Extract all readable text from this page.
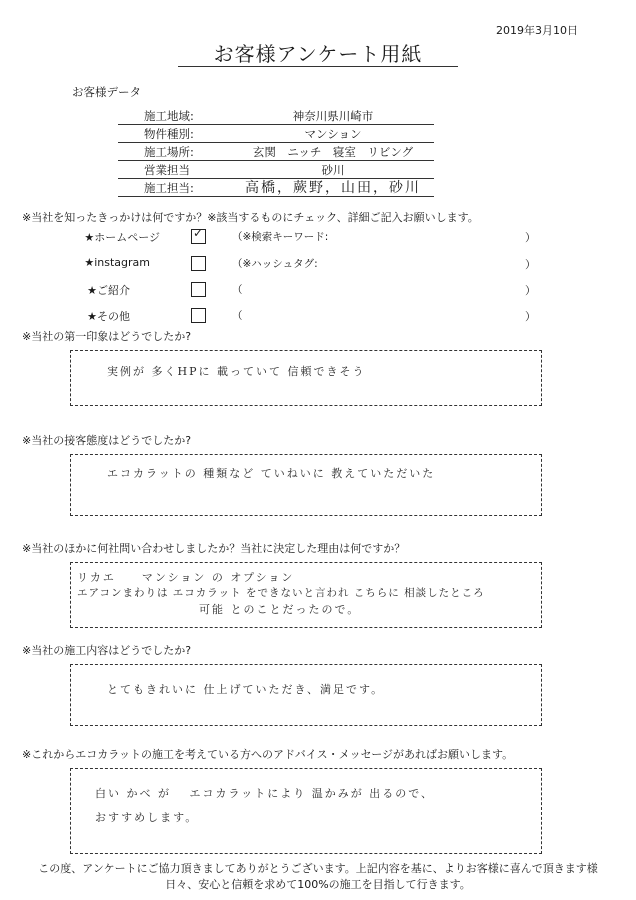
2019年3月10日
お客様アンケート用紙
お客様データ
施工地域:	神奈川県川崎市
物件種別:	マンション
施工場所:	玄関　ニッチ　寝室　リビング
営業担当	砂川
施工担当:	高橋，蕨野，山田，砂川
※当社を知ったきっかけは何ですか？※該当するものにチェック、詳細ご記入お願いします。
★ホームページ	✓	（※検索キーワード:	）
★instagram	（※ハッシュタグ:	）
★ご紹介	（	）
★その他	（	）
※当社の第一印象はどうでしたか?
実例が 多くHPに 載っていて 信頼できそう
※当社の接客態度はどうでしたか?
エコカラットの 種類など ていねいに 教えていただいた
※当社のほかに何社問い合わせしましたか？当社に決定した理由は何ですか？
リカエ　　マンション の オプション
エアコンまわりは エコカラット をできないと言われ こちらに 相談したところ
可能 とのことだったので。
※当社の施工内容はどうでしたか?
とてもきれいに 仕上げていただき、満足です。
※これからエコカラットの施工を考えている方へのアドバイス・メッセージがあればお願いします。
白い かべ が　 エコカラットにより 温かみが 出るので、
おすすめします。
この度、アンケートにご協力頂きましてありがとうございます。上記内容を基に、よりお客様に喜んで頂きます様
日々、安心と信頼を求めて100%の施工を目指して行きます。
